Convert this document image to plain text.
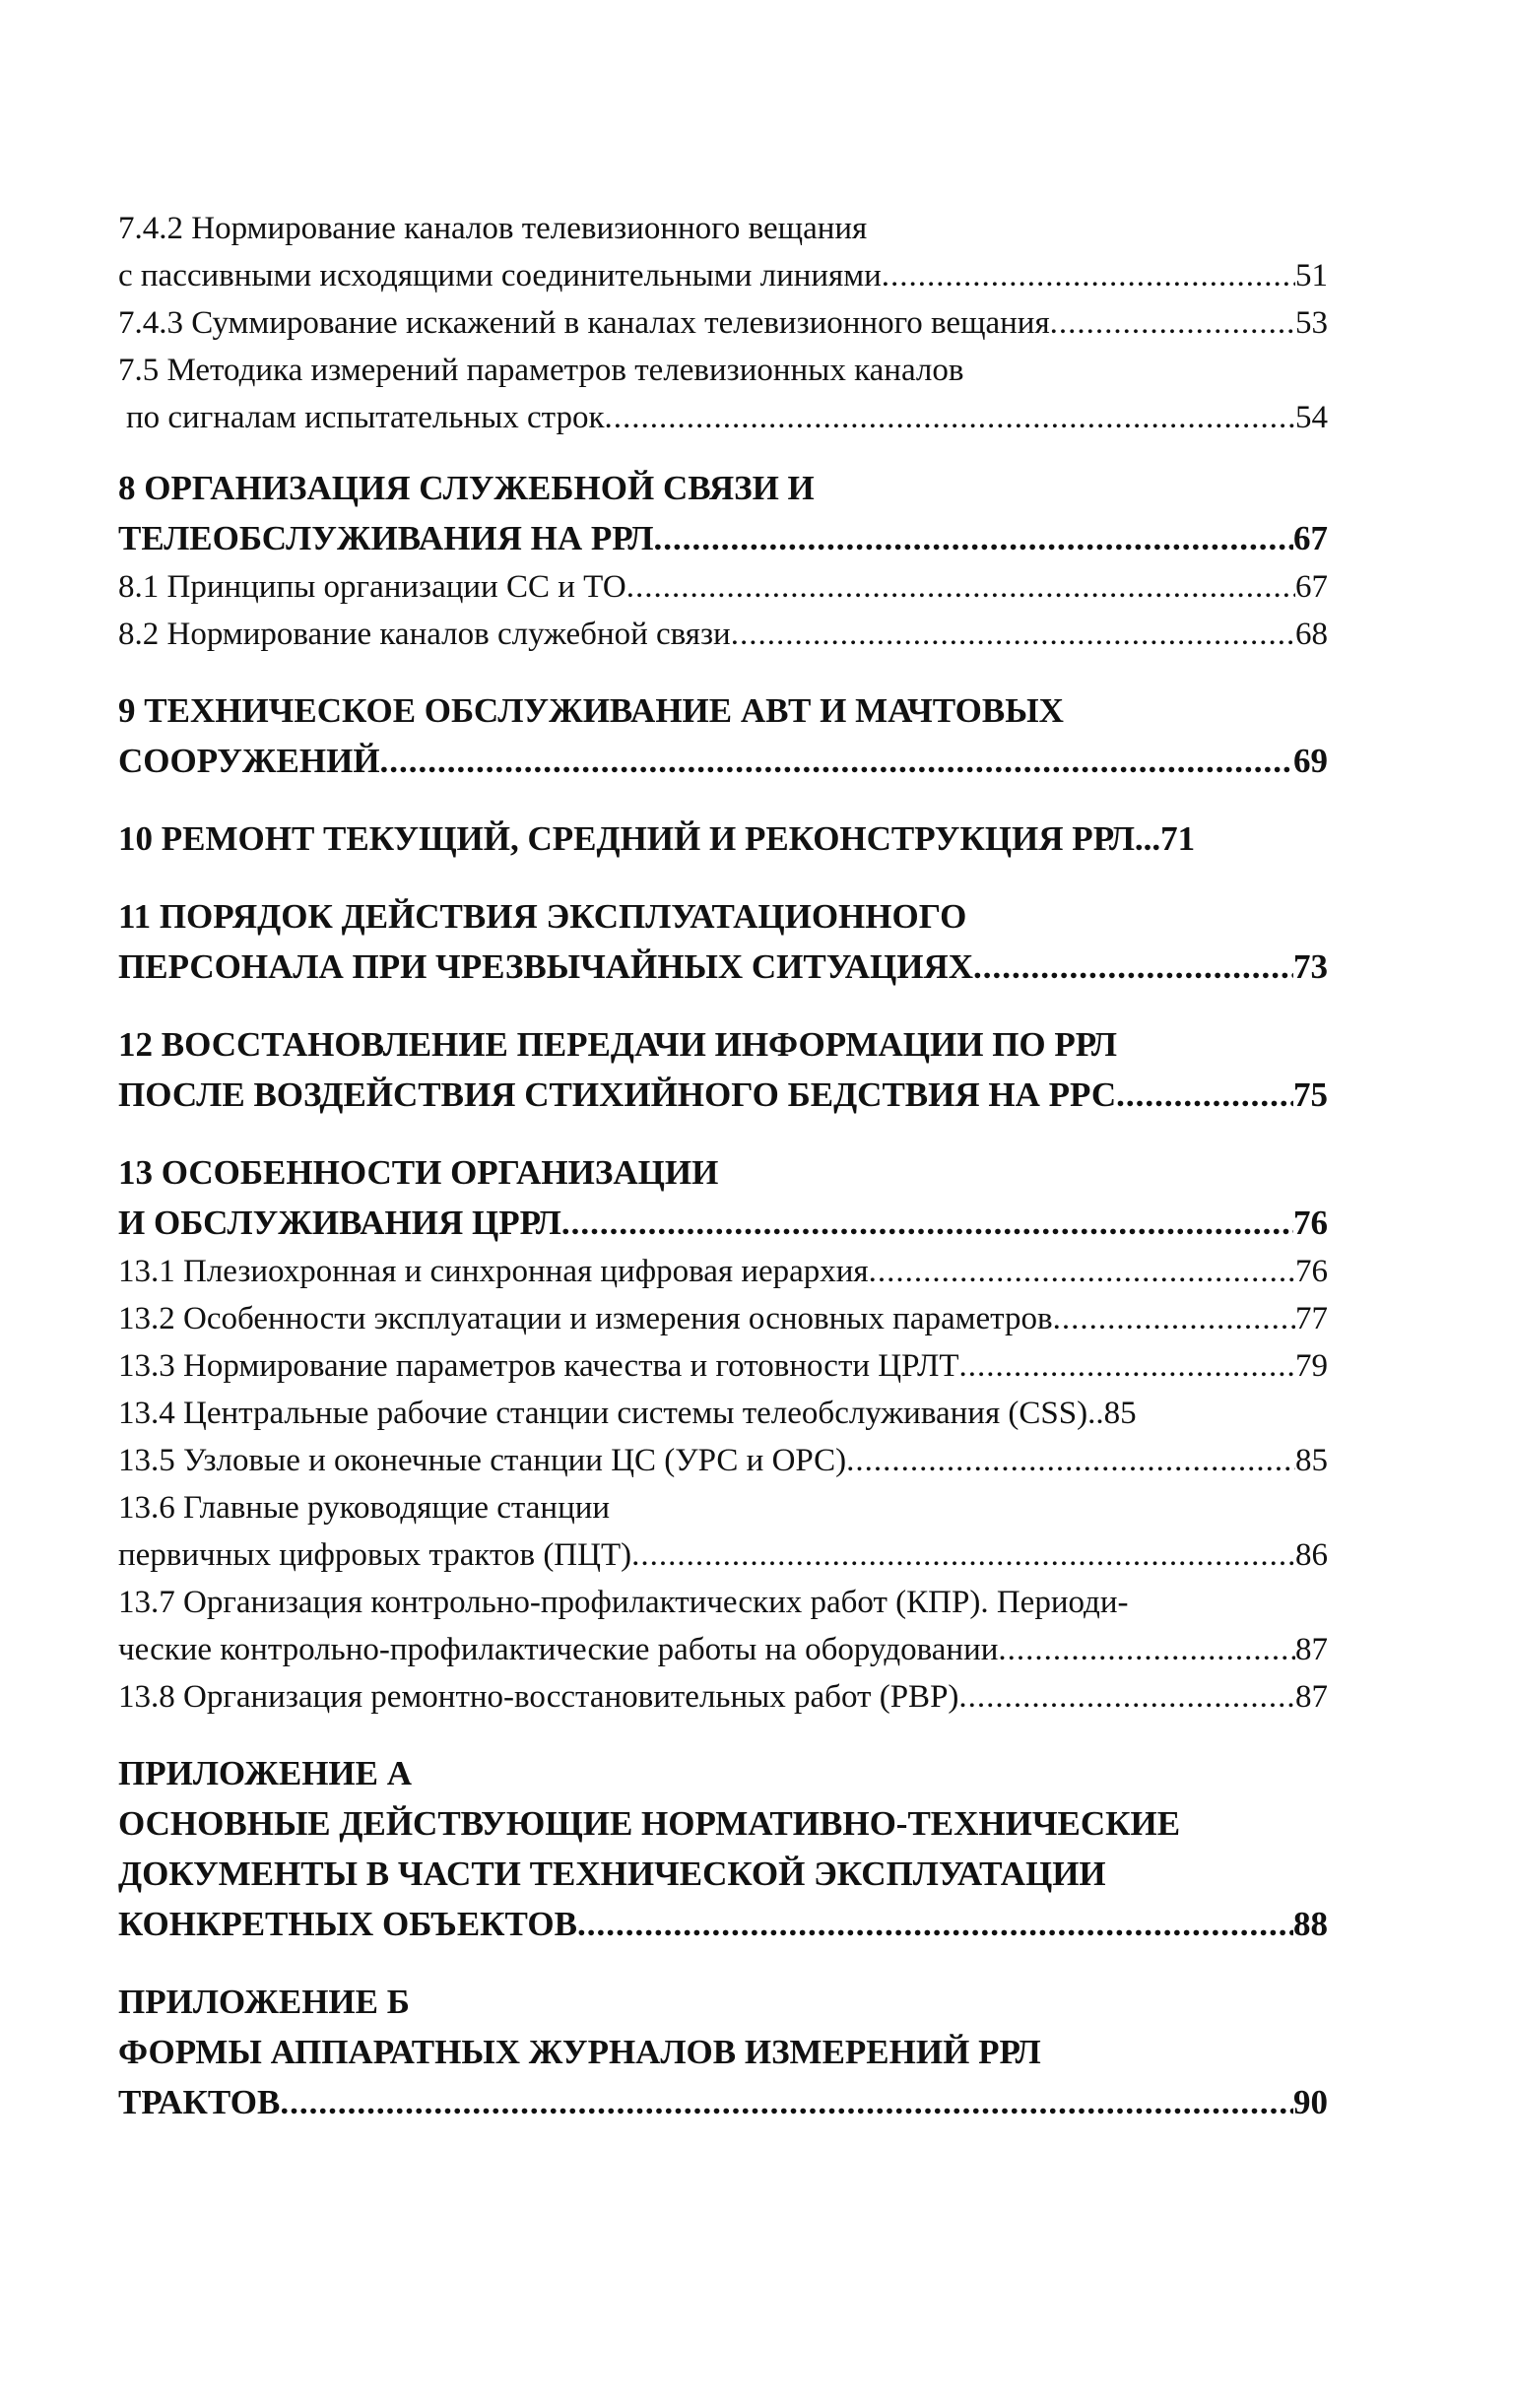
7.4.2 Нормирование каналов телевизионного вещания
с пассивными исходящими соединительными линиями .....	51
7.4.3 Суммирование искажений в каналах телевизионного вещания .....	53
7.5 Методика измерений параметров телевизионных каналов
по сигналам испытательных строк .....	54
8 ОРГАНИЗАЦИЯ СЛУЖЕБНОЙ СВЯЗИ И
ТЕЛЕОБСЛУЖИВАНИЯ НА РРЛ .....	67
8.1 Принципы организации СС и ТО .....	67
8.2 Нормирование каналов служебной связи .....	68
9 ТЕХНИЧЕСКОЕ ОБСЛУЖИВАНИЕ АВТ И МАЧТОВЫХ
СООРУЖЕНИЙ .....	69
10 РЕМОНТ ТЕКУЩИЙ, СРЕДНИЙ И РЕКОНСТРУКЦИЯ РРЛ...71
11 ПОРЯДОК ДЕЙСТВИЯ ЭКСПЛУАТАЦИОННОГО
ПЕРСОНАЛА ПРИ ЧРЕЗВЫЧАЙНЫХ СИТУАЦИЯХ .....	73
12 ВОССТАНОВЛЕНИЕ ПЕРЕДАЧИ ИНФОРМАЦИИ ПО РРЛ
ПОСЛЕ ВОЗДЕЙСТВИЯ СТИХИЙНОГО БЕДСТВИЯ НА РРС .....	75
13 ОСОБЕННОСТИ ОРГАНИЗАЦИИ
И ОБСЛУЖИВАНИЯ ЦРРЛ .....	76
13.1 Плезиохронная и синхронная цифровая иерархия .....	76
13.2 Особенности эксплуатации и измерения основных параметров .....	77
13.3 Нормирование параметров качества и готовности ЦРЛТ .....	79
13.4 Центральные рабочие станции системы телеобслуживания (CSS)..85
13.5 Узловые и оконечные станции ЦС (УРС и ОРС) .....	85
13.6 Главные руководящие станции
первичных цифровых трактов (ПЦТ) .....	86
13.7 Организация контрольно-профилактических работ (КПР). Периоди-
ческие контрольно-профилактические работы на оборудовании .....	87
13.8 Организация ремонтно-восстановительных работ (РВР) .....	87
ПРИЛОЖЕНИЕ А
ОСНОВНЫЕ ДЕЙСТВУЮЩИЕ НОРМАТИВНО-ТЕХНИЧЕСКИЕ
ДОКУМЕНТЫ В ЧАСТИ ТЕХНИЧЕСКОЙ ЭКСПЛУАТАЦИИ
КОНКРЕТНЫХ ОБЪЕКТОВ .....	88
ПРИЛОЖЕНИЕ Б
ФОРМЫ АППАРАТНЫХ ЖУРНАЛОВ ИЗМЕРЕНИЙ РРЛ
ТРАКТОВ .....	90
